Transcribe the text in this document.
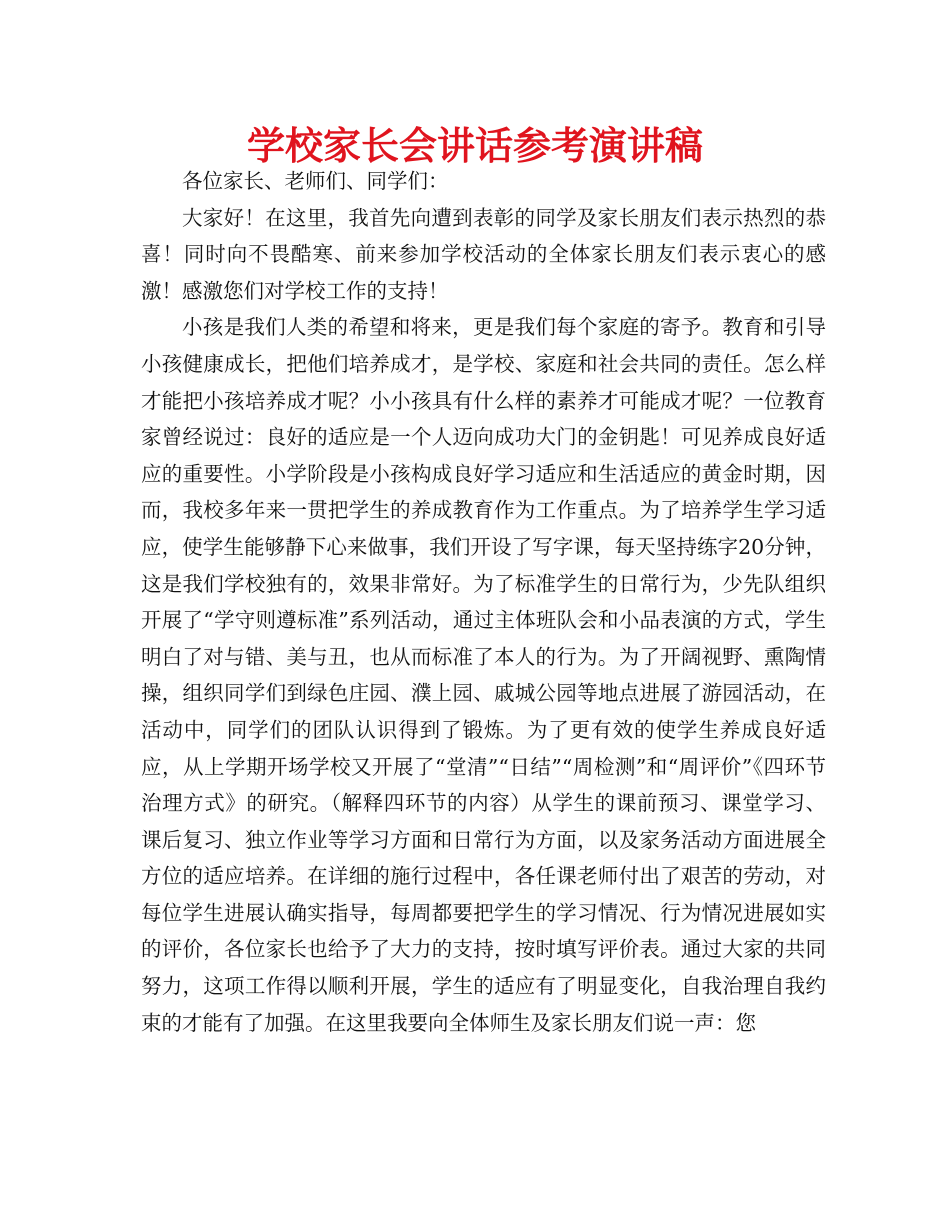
学校家长会讲话参考演讲稿

各位家长、老师们、同学们：

大家好！在这里，我首先向遭到表彰的同学及家长朋友们表示热烈的恭喜！同时向不畏酷寒、前来参加学校活动的全体家长朋友们表示衷心的感激！感激您们对学校工作的支持！

小孩是我们人类的希望和将来，更是我们每个家庭的寄予。教育和引导小孩健康成长，把他们培养成才，是学校、家庭和社会共同的责任。怎么样才能把小孩培养成才呢？小小孩具有什么样的素养才可能成才呢？一位教育家曾经说过：良好的适应是一个人迈向成功大门的金钥匙！可见养成良好适应的重要性。小学阶段是小孩构成良好学习适应和生活适应的黄金时期，因而，我校多年来一贯把学生的养成教育作为工作重点。为了培养学生学习适应，使学生能够静下心来做事，我们开设了写字课，每天坚持练字20分钟，这是我们学校独有的，效果非常好。为了标准学生的日常行为，少先队组织开展了“学守则遵标准”系列活动，通过主体班队会和小品表演的方式，学生明白了对与错、美与丑，也从而标准了本人的行为。为了开阔视野、熏陶情操，组织同学们到绿色庄园、濮上园、戚城公园等地点进展了游园活动，在活动中，同学们的团队认识得到了锻炼。为了更有效的使学生养成良好适应，从上学期开场学校又开展了“堂清”“日结”“周检测”和“周评价”《四环节治理方式》的研究。（解释四环节的内容）从学生的课前预习、课堂学习、课后复习、独立作业等学习方面和日常行为方面，以及家务活动方面进展全方位的适应培养。在详细的施行过程中，各任课老师付出了艰苦的劳动，对每位学生进展认确实指导，每周都要把学生的学习情况、行为情况进展如实的评价，各位家长也给予了大力的支持，按时填写评价表。通过大家的共同努力，这项工作得以顺利开展，学生的适应有了明显变化，自我治理自我约束的才能有了加强。在这里我要向全体师生及家长朋友们说一声：您
